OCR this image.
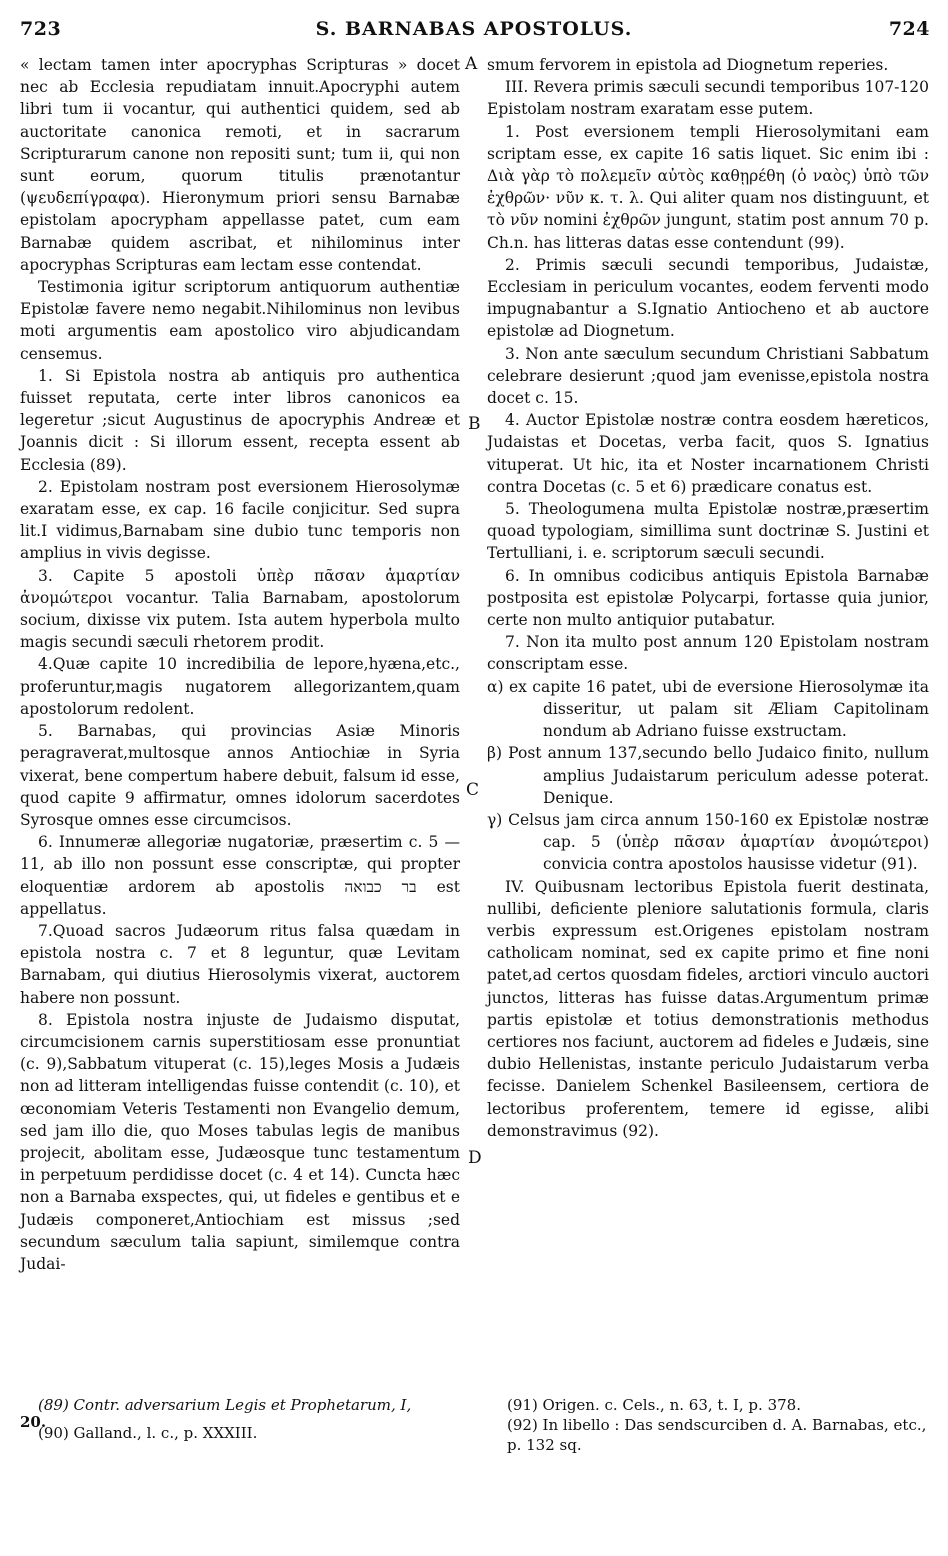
723	S. BARNABAS APOSTOLUS.	724

« lectam tamen inter apocryphas Scripturas » docet nec ab Ecclesia repudiatam innuit.Apocryphi autem libri tum ii vocantur, qui authentici quidem, sed ab auctoritate canonica remoti, et in sacrarum Scripturarum canone non repositi sunt; tum ii, qui non sunt eorum, quorum titulis prænotantur (ψευδεπίγραφα). Hieronymum priori sensu Barnabæ epistolam apocrypham appellasse patet, cum eam Barnabæ quidem ascribat, et nihilominus inter apocryphas Scripturas eam lectam esse contendat.

Testimonia igitur scriptorum antiquorum authentiæ Epistolæ favere nemo negabit.Nihilominus non levibus moti argumentis eam apostolico viro abjudicandam censemus.

1. Si Epistola nostra ab antiquis pro authentica fuisset reputata, certe inter libros canonicos ea legeretur ;sicut Augustinus de apocryphis Andreæ et Joannis dicit : Si illorum essent, recepta essent ab Ecclesia (89).

2. Epistolam nostram post eversionem Hierosolymæ exaratam esse, ex cap. 16 facile conjicitur. Sed supra lit.I vidimus,Barnabam sine dubio tunc temporis non amplius in vivis degisse.

3. Capite 5 apostoli ὑπὲρ πᾶσαν ἁμαρτίαν ἀνομώτεροι vocantur. Talia Barnabam, apostolorum socium, dixisse vix putem. Ista autem hyperbola multo magis secundi sæculi rhetorem prodit.

4.Quæ capite 10 incredibilia de lepore,hyæna,etc., proferuntur,magis nugatorem allegorizantem,quam apostolorum redolent.

5. Barnabas, qui provincias Asiæ Minoris peragraverat,multosque annos Antiochiæ in Syria vixerat, bene compertum habere debuit, falsum id esse, quod capite 9 affirmatur, omnes idolorum sacerdotes Syrosque omnes esse circumcisos.

6. Innumeræ allegoriæ nugatoriæ, præsertim c. 5 — 11, ab illo non possunt esse conscriptæ, qui propter eloquentiæ ardorem ab apostolis בר כבואה est appellatus.

7.Quoad sacros Judæorum ritus falsa quædam in epistola nostra c. 7 et 8 leguntur, quæ Levitam Barnabam, qui diutius Hierosolymis vixerat, auctorem habere non possunt.

8. Epistola nostra injuste de Judaismo disputat, circumcisionem carnis superstitiosam esse pronuntiat (c. 9),Sabbatum vituperat (c. 15),leges Mosis a Judæis non ad litteram intelligendas fuisse contendit (c. 10), et œconomiam Veteris Testamenti non Evangelio demum, sed jam illo die, quo Moses tabulas legis de manibus projecit, abolitam esse, Judæosque tunc testamentum in perpetuum perdidisse docet (c. 4 et 14). Cuncta hæc non a Barnaba exspectes, qui, ut fideles e gentibus et e Judæis componeret,Antiochiam est missus ;sed secundum sæculum talia sapiunt, similemque contra Judai-

A
B
C
D

smum fervorem in epistola ad Diognetum reperies.

III. Revera primis sæculi secundi temporibus 107-120 Epistolam nostram exaratam esse putem.

1. Post eversionem templi Hierosolymitani eam scriptam esse, ex capite 16 satis liquet. Sic enim ibi : Διὰ γὰρ τὸ πολεμεῖν αὐτὸς καθῃρέθη (ὁ ναὸς) ὑπὸ τῶν ἐχθρῶν· νῦν κ. τ. λ. Qui aliter quam nos distinguunt, et τὸ νῦν nomini ἐχθρῶν jungunt, statim post annum 70 p. Ch.n. has litteras datas esse contendunt (99).

2. Primis sæculi secundi temporibus, Judaistæ, Ecclesiam in periculum vocantes, eodem ferventi modo impugnabantur a S.Ignatio Antiocheno et ab auctore epistolæ ad Diognetum.

3. Non ante sæculum secundum Christiani Sabbatum celebrare desierunt ;quod jam evenisse,epistola nostra docet c. 15.

4. Auctor Epistolæ nostræ contra eosdem hæreticos, Judaistas et Docetas, verba facit, quos S. Ignatius vituperat. Ut hic, ita et Noster incarnationem Christi contra Docetas (c. 5 et 6) prædicare conatus est.

5. Theologumena multa Epistolæ nostræ,præsertim quoad typologiam, simillima sunt doctrinæ S. Justini et Tertulliani, i. e. scriptorum sæculi secundi.

6. In omnibus codicibus antiquis Epistola Barnabæ postposita est epistolæ Polycarpi, fortasse quia junior, certe non multo antiquior putabatur.

7. Non ita multo post annum 120 Epistolam nostram conscriptam esse.

α) ex capite 16 patet, ubi de eversione Hierosolymæ ita disseritur, ut palam sit Æliam Capitolinam nondum ab Adriano fuisse exstructam.

β) Post annum 137,secundo bello Judaico finito, nullum amplius Judaistarum periculum adesse poterat. Denique.

γ) Celsus jam circa annum 150-160 ex Epistolæ nostræ cap. 5 (ὑπὲρ πᾶσαν ἁμαρτίαν ἀνομώτεροι) convicia contra apostolos hausisse videtur (91).

IV. Quibusnam lectoribus Epistola fuerit destinata, nullibi, deficiente pleniore salutationis formula, claris verbis expressum est.Origenes epistolam nostram catholicam nominat, sed ex capite primo et fine noni patet,ad certos quosdam fideles, arctiori vinculo auctori junctos, litteras has fuisse datas.Argumentum primæ partis epistolæ et totius demonstrationis methodus certiores nos faciunt, auctorem ad fideles e Judæis, sine dubio Hellenistas, instante periculo Judaistarum verba fecisse. Danielem Schenkel Basileensem, certiora de lectoribus proferentem, temere id egisse, alibi demonstravimus (92).

(89) Contr. adversarium Legis et Prophetarum, I,

(90) Galland., l. c., p. XXXIII.

20.

(91) Origen. c. Cels., n. 63, t. I, p. 378.

(92) In libello : Das sendscurciben d. A. Barnabas, etc., p. 132 sq.
